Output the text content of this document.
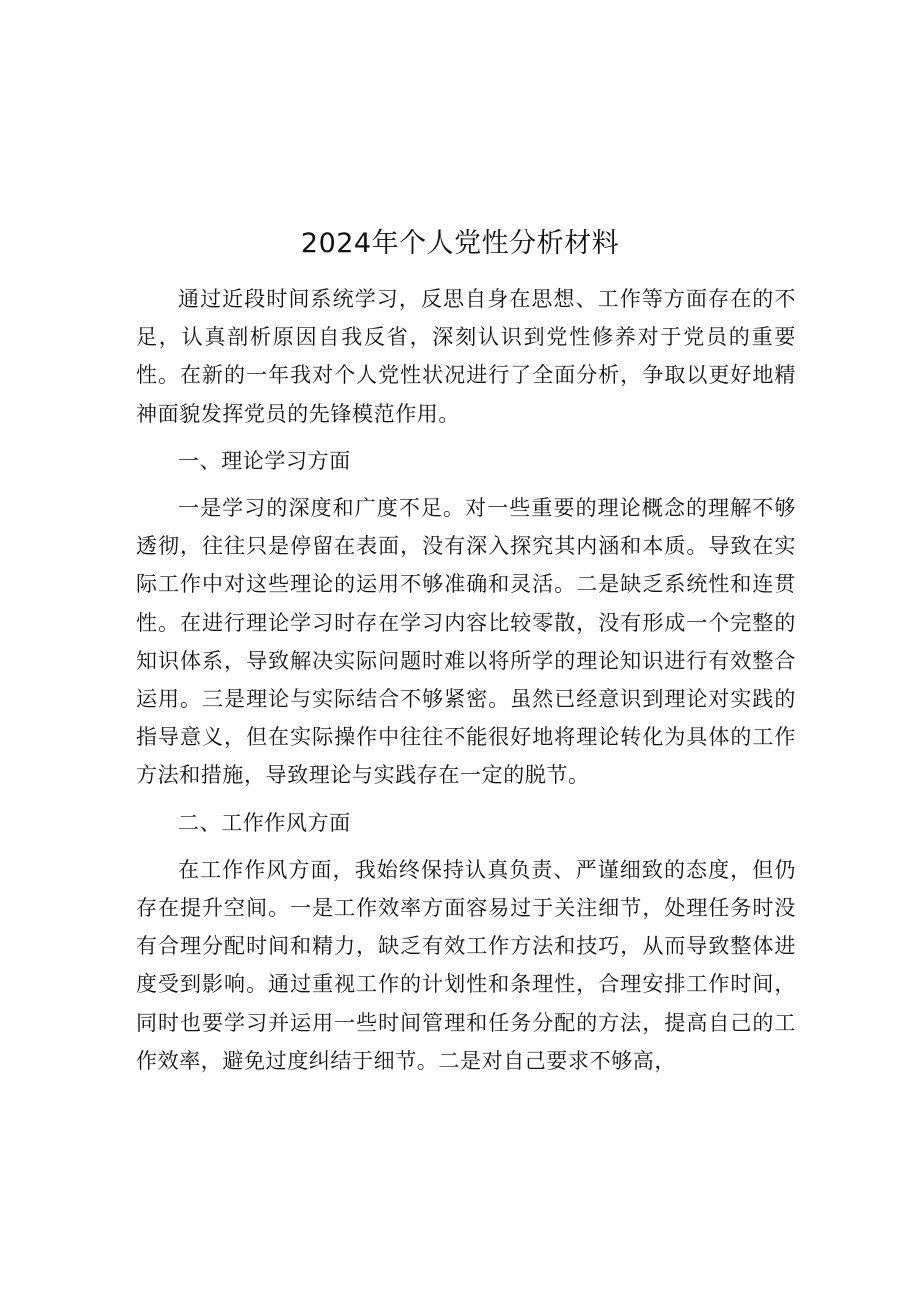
2024年个人党性分析材料

通过近段时间系统学习，反思自身在思想、工作等方面存在的不足，认真剖析原因自我反省，深刻认识到党性修养对于党员的重要性。在新的一年我对个人党性状况进行了全面分析，争取以更好地精神面貌发挥党员的先锋模范作用。

一、理论学习方面

一是学习的深度和广度不足。对一些重要的理论概念的理解不够透彻，往往只是停留在表面，没有深入探究其内涵和本质。导致在实际工作中对这些理论的运用不够准确和灵活。二是缺乏系统性和连贯性。在进行理论学习时存在学习内容比较零散，没有形成一个完整的知识体系，导致解决实际问题时难以将所学的理论知识进行有效整合运用。三是理论与实际结合不够紧密。虽然已经意识到理论对实践的指导意义，但在实际操作中往往不能很好地将理论转化为具体的工作方法和措施，导致理论与实践存在一定的脱节。

二、工作作风方面

在工作作风方面，我始终保持认真负责、严谨细致的态度，但仍存在提升空间。一是工作效率方面容易过于关注细节，处理任务时没有合理分配时间和精力，缺乏有效工作方法和技巧，从而导致整体进度受到影响。通过重视工作的计划性和条理性，合理安排工作时间，同时也要学习并运用一些时间管理和任务分配的方法，提高自己的工作效率，避免过度纠结于细节。二是对自己要求不够高，
